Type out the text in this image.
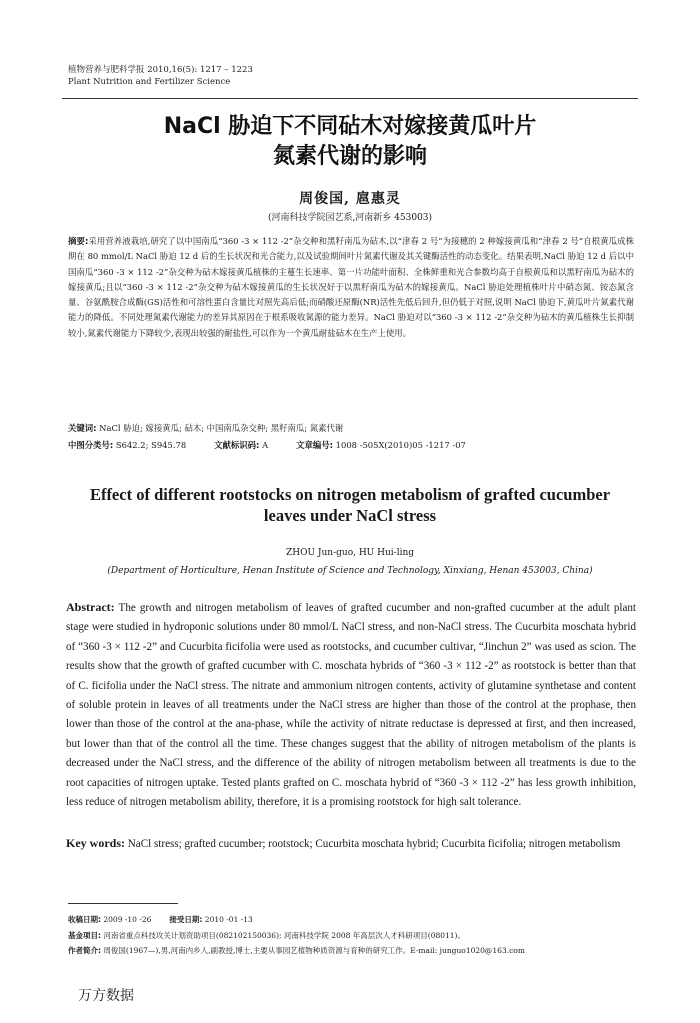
植物营养与肥料学报 2010,16(5): 1217 – 1223
Plant Nutrition and Fertilizer Science
NaCl 胁迫下不同砧木对嫁接黄瓜叶片
氮素代谢的影响
周俊国, 扈惠灵
(河南科技学院园艺系,河南新乡 453003)
摘要:采用营养液栽培,研究了以中国南瓜“360 -3 × 112 -2”杂交种和黑籽南瓜为砧木,以“津春 2 号”为接穗的 2 种嫁接黄瓜和“津春 2 号”自根黄瓜成株期在 80 mmol/L NaCl 胁迫 12 d 后的生长状况和光合能力,以及试验期间叶片氮素代谢及其关键酶活性的动态变化。结果表明,NaCl 胁迫 12 d 后以中国南瓜“360 -3 × 112 -2”杂交种为砧木嫁接黄瓜植株的主蔓生长速率、第一片功能叶面积、全株鲜重和光合参数均高于自根黄瓜和以黑籽南瓜为砧木的嫁接黄瓜;且以“360 -3 × 112 -2”杂交种为砧木嫁接黄瓜的生长状况好于以黑籽南瓜为砧木的嫁接黄瓜。NaCl 胁迫处理植株叶片中硝态氮、铵态氮含量、谷氨酰胺合成酶(GS)活性和可溶性蛋白含量比对照先高后低;而硝酸还原酶(NR)活性先低后回升,但仍低于对照,说明 NaCl 胁迫下,黄瓜叶片氮素代谢能力的降低。不同处理氮素代谢能力的差异其原因在于根系吸收氮源的能力差异。NaCl 胁迫对以“360 -3 × 112 -2”杂交种为砧木的黄瓜植株生长抑制较小,氮素代谢能力下降较少,表现出较强的耐盐性,可以作为一个黄瓜耐盐砧木在生产上使用。
关键词: NaCl 胁迫; 嫁接黄瓜; 砧木; 中国南瓜杂交种; 黑籽南瓜; 氮素代谢
中图分类号: S642.2; S945.78	文献标识码: A	文章编号: 1008 -505X(2010)05 -1217 -07
Effect of different rootstocks on nitrogen metabolism of grafted cucumber
leaves under NaCl stress
ZHOU Jun-guo, HU Hui-ling
(Department of Horticulture, Henan Institute of Science and Technology, Xinxiang, Henan 453003, China)
Abstract: The growth and nitrogen metabolism of leaves of grafted cucumber and non-grafted cucumber at the adult plant stage were studied in hydroponic solutions under 80 mmol/L NaCl stress, and non-NaCl stress. The Cucurbita moschata hybrid of “360 -3 × 112 -2” and Cucurbita ficifolia were used as rootstocks, and cucumber cultivar, “Jinchun 2” was used as scion. The results show that the growth of grafted cucumber with C. moschata hybrids of “360 -3 × 112 -2” as rootstock is better than that of C. ficifolia under the NaCl stress. The nitrate and ammonium nitrogen contents, activity of glutamine synthetase and content of soluble protein in leaves of all treatments under the NaCl stress are higher than those of the control at the prophase, then lower than those of the control at the ana-phase, while the activity of nitrate reductase is depressed at first, and then increased, but lower than that of the control all the time. These changes suggest that the ability of nitrogen metabolism of the plants is decreased under the NaCl stress, and the difference of the ability of nitrogen metabolism between all treatments is due to the root capacities of nitrogen uptake. Tested plants grafted on C. moschata hybrid of “360 -3 × 112 -2” has less growth inhibition, less reduce of nitrogen metabolism ability, therefore, it is a promising rootstock for high salt tolerance.
Key words: NaCl stress; grafted cucumber; rootstock; Cucurbita moschata hybrid; Cucurbita ficifolia; nitrogen metabolism
收稿日期: 2009 -10 -26 接受日期: 2010 -01 -13
基金项目: 河南省重点科技攻关计划资助项目(082102150036); 河南科技学院 2008 年高层次人才科研项目(08011)。
作者简介: 周俊国(1967—),男,河南内乡人,副教授,博士,主要从事园艺植物种质资源与育种的研究工作。E-mail: junguo1020@163.com
万方数据
